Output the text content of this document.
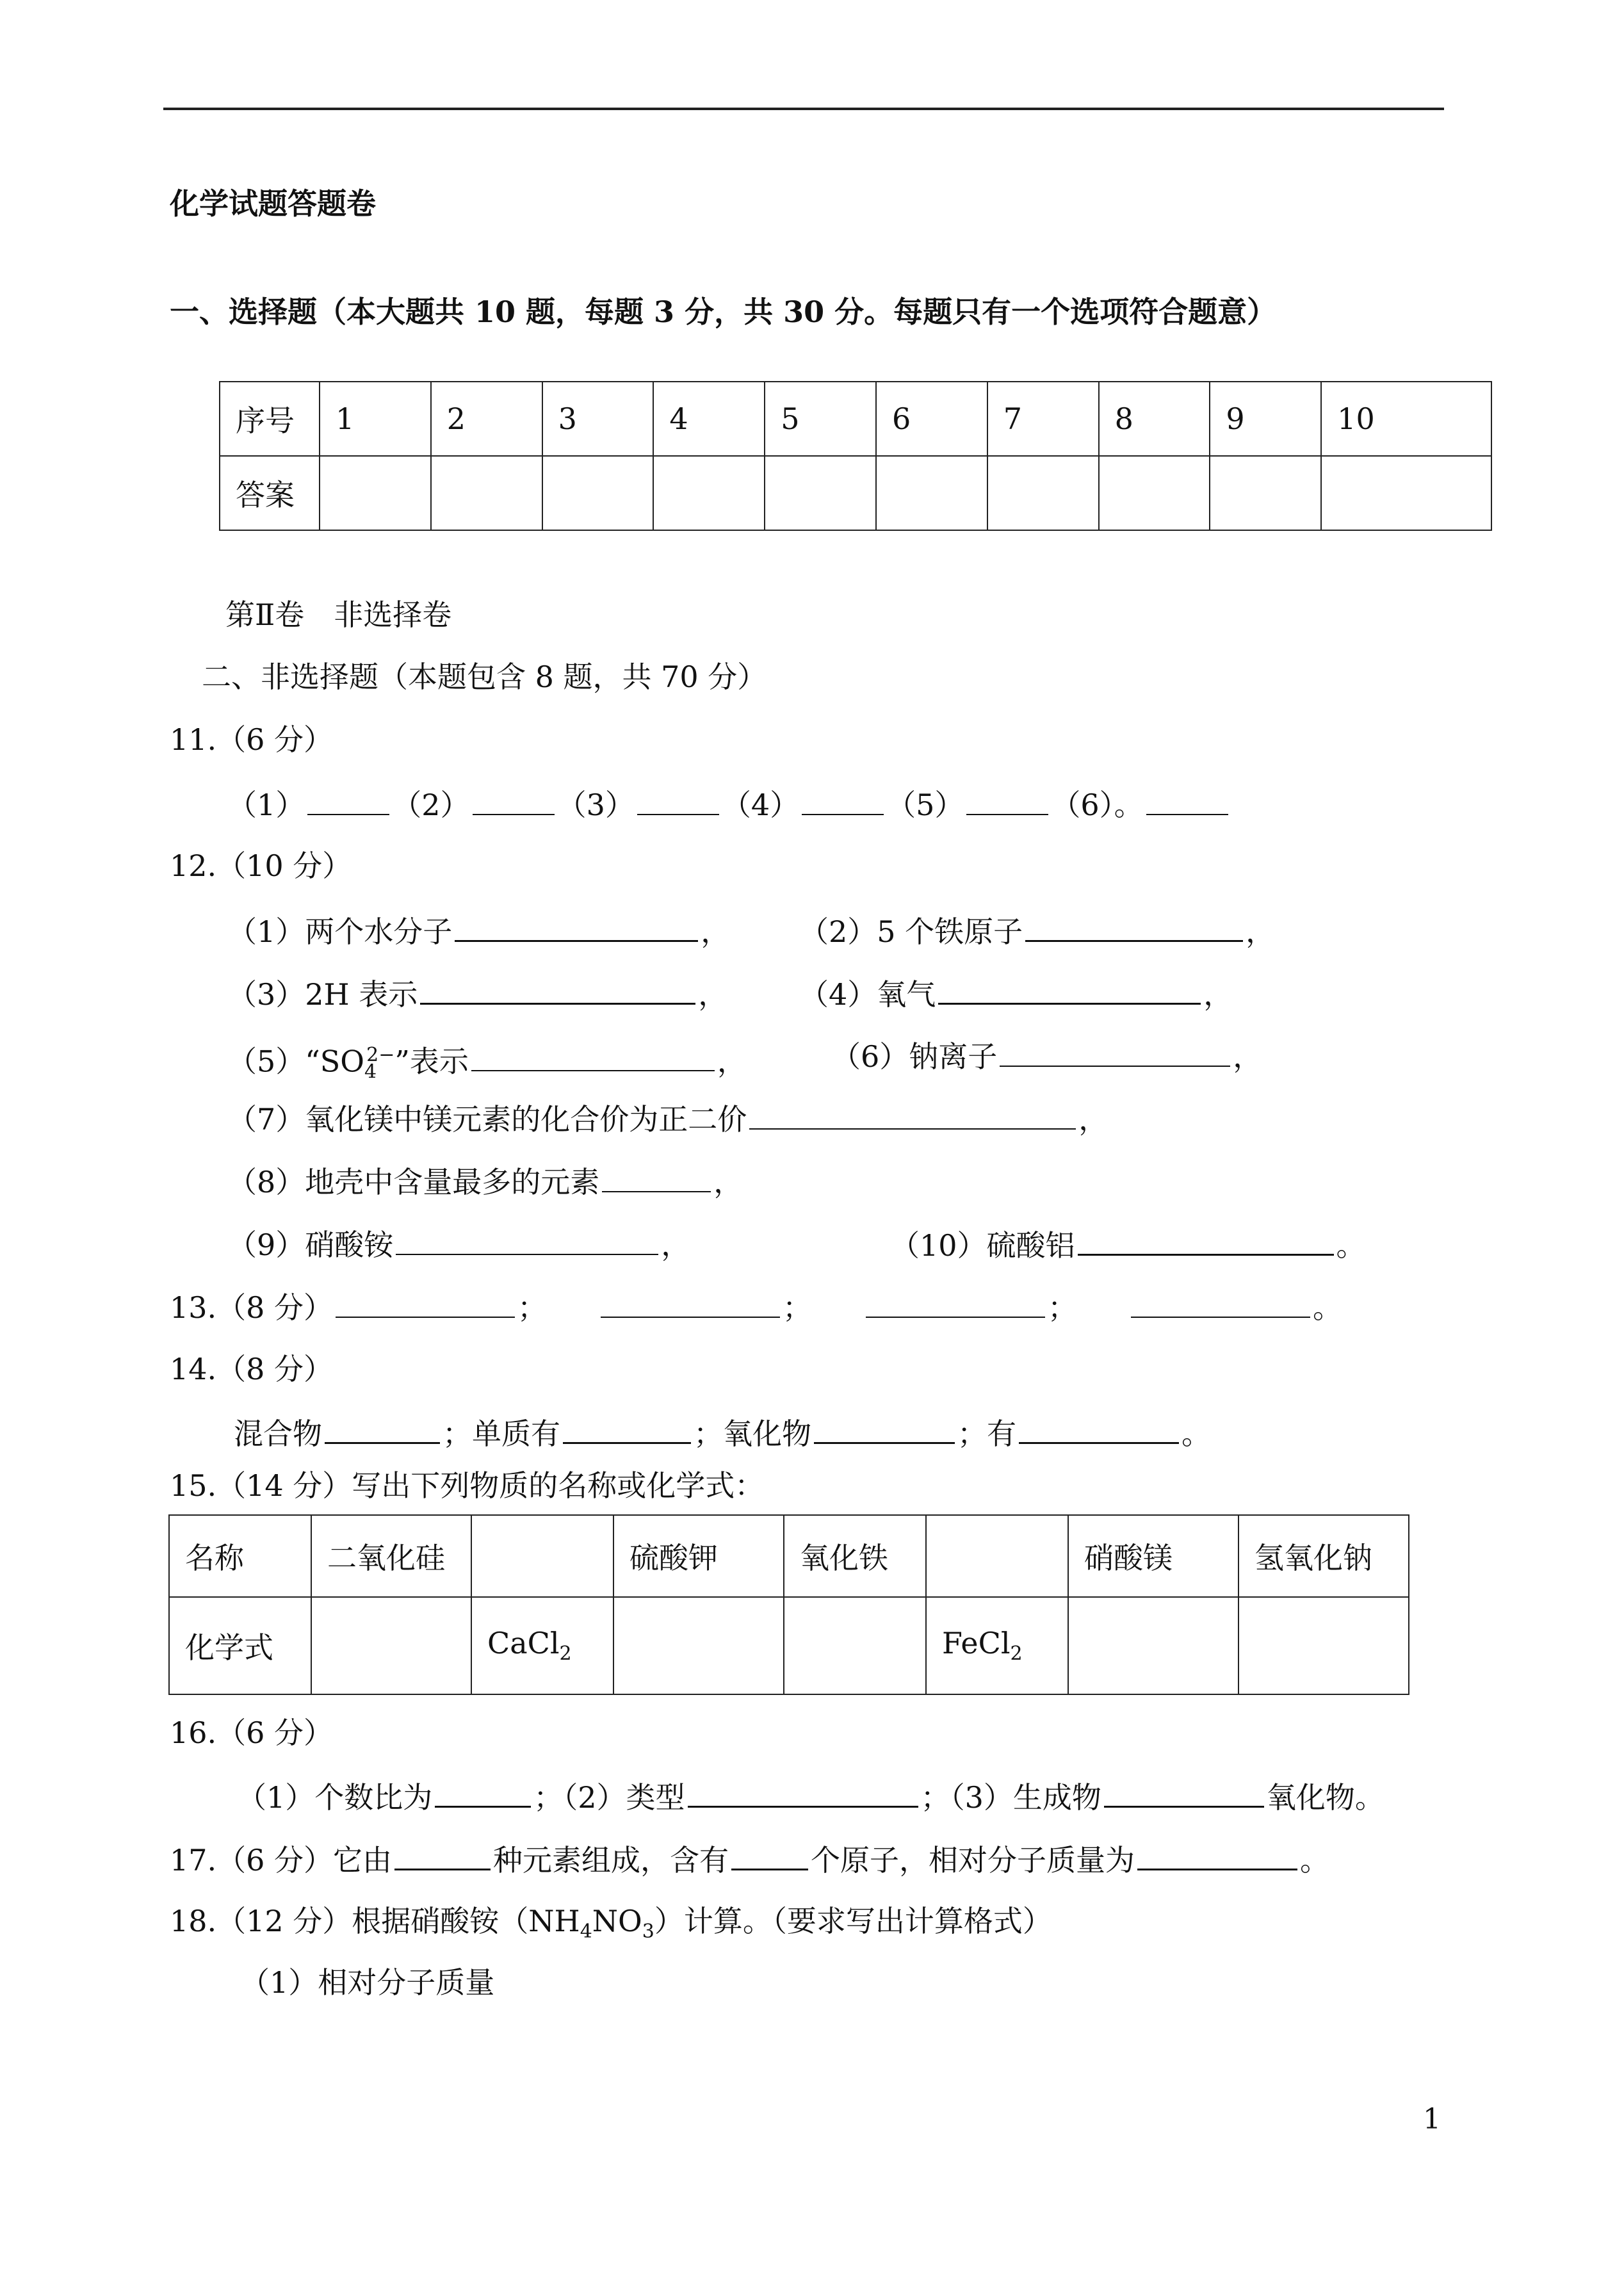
化学试题答题卷
一、选择题（本大题共 10 题，每题 3 分，共 30 分。每题只有一个选项符合题意）
序号	1	2	3	4	5	6	7	8	9	10
答案										
第Ⅱ卷　非选择卷
二、非选择题（本题包含 8 题，共 70 分）
11.（6 分）
（1）	（2）	（3）	（4）	（5）	（6）。
12.（10 分）
（1）两个水分子	， （2）5 个铁原子	，
（3）2H 表示	， （4）氧气	，
$(5)“SO_4^{2-}$”表示	，	（6）钠离子	，
（7）氧化镁中镁元素的化合价为正二价	，
（8）地壳中含量最多的元素	，
（9）硝酸铵	，	（10）硫酸铝	。
13.（8 分）	；	；	；	。
14.（8 分）
混合物	；单质有	；氧化物	；有	。
15.（14 分）写出下列物质的名称或化学式：
名称	二氧化硅		硫酸钾	氧化铁		硝酸镁	氢氧化钠
化学式		CaCl$_2$			FeCl$_2$		
16.（6 分）
（1）个数比为	；（2）类型	；（3）生成物	氧化物。
17.（6 分）它由	种元素组成，含有	个原子，相对分子质量为	。
18.（12 分）根据硝酸铵$(NH_4NO_3)$计算。（要求写出计算格式）
（1）相对分子质量
1
